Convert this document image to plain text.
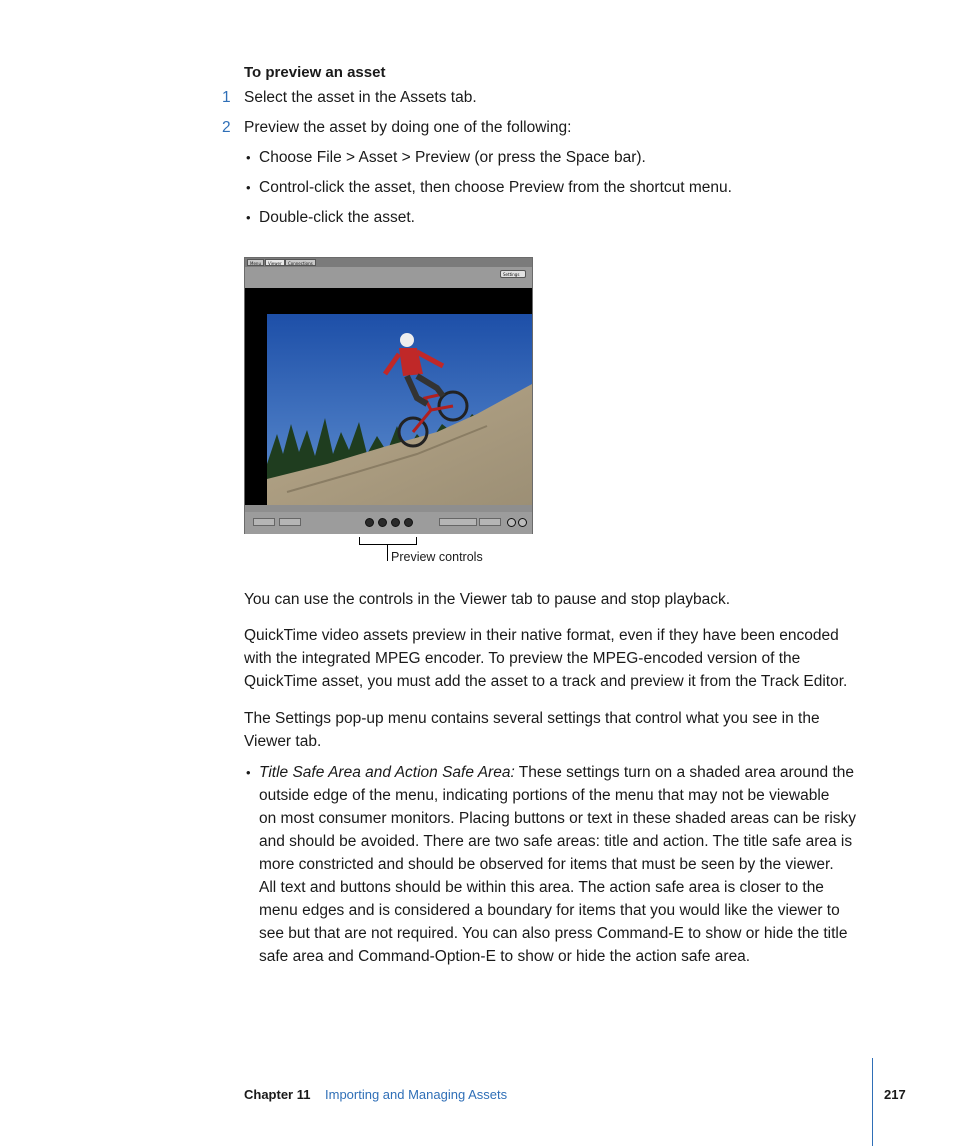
To preview an asset
1 Select the asset in the Assets tab.
2 Preview the asset by doing one of the following:
• Choose File > Asset > Preview (or press the Space bar).
• Control-click the asset, then choose Preview from the shortcut menu.
• Double-click the asset.
Menu	Viewer	Connections
Settings
Preview controls
You can use the controls in the Viewer tab to pause and stop playback.
QuickTime video assets preview in their native format, even if they have been encoded
with the integrated MPEG encoder. To preview the MPEG-encoded version of the
QuickTime asset, you must add the asset to a track and preview it from the Track Editor.
The Settings pop-up menu contains several settings that control what you see in the
Viewer tab.
• Title Safe Area and Action Safe Area: These settings turn on a shaded area around the
outside edge of the menu, indicating portions of the menu that may not be viewable
on most consumer monitors. Placing buttons or text in these shaded areas can be risky
and should be avoided. There are two safe areas: title and action. The title safe area is
more constricted and should be observed for items that must be seen by the viewer.
All text and buttons should be within this area. The action safe area is closer to the
menu edges and is considered a boundary for items that you would like the viewer to
see but that are not required. You can also press Command-E to show or hide the title
safe area and Command-Option-E to show or hide the action safe area.
Chapter 11 Importing and Managing Assets	217
